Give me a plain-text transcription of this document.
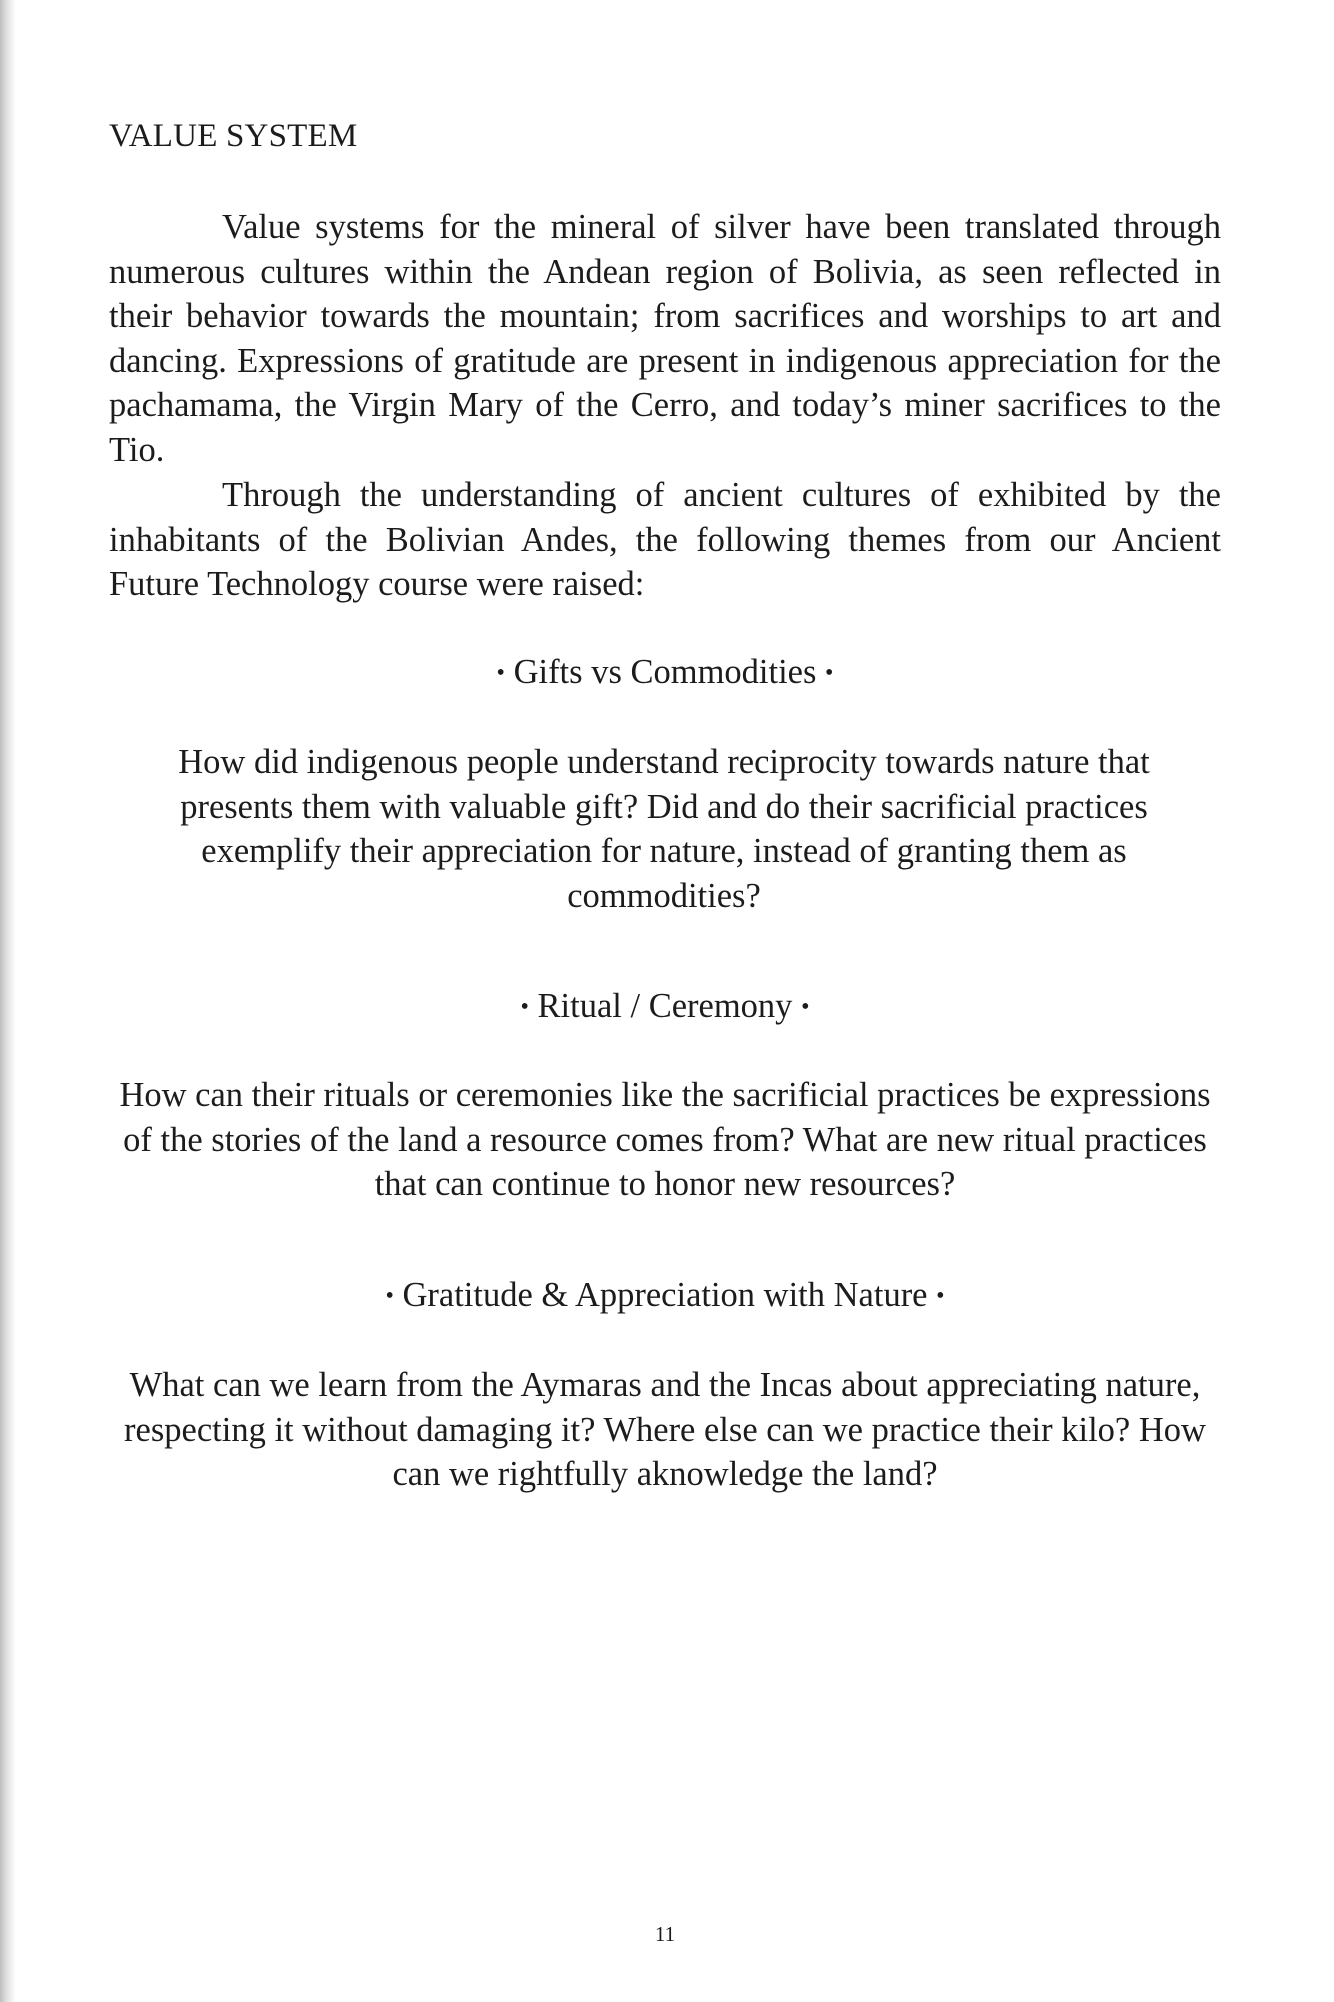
VALUE SYSTEM

Value systems for the mineral of silver have been translated through numerous cultures within the Andean region of Bolivia, as seen reflected in their behavior towards the mountain; from sacrifices and worships to art and dancing. Expressions of gratitude are present in indigenous appreciation for the pachamama, the Virgin Mary of the Cerro, and today’s miner sacrifices to the Tio.

Through the understanding of ancient cultures of exhibited by the inhabitants of the Bolivian Andes, the following themes from our Ancient Future Technology course were raised:

• Gifts vs Commodities •

How did indigenous people understand reciprocity towards nature that presents them with valuable gift? Did and do their sacrificial practices exemplify their appreciation for nature, instead of granting them as commodities?

• Ritual / Ceremony •

How can their rituals or ceremonies like the sacrificial practices be expressions of the stories of the land a resource comes from? What are new ritual practices that can continue to honor new resources?

• Gratitude & Appreciation with Nature •

What can we learn from the Aymaras and the Incas about appreciating nature, respecting it without damaging it? Where else can we practice their kilo? How can we rightfully aknowledge the land?

11
